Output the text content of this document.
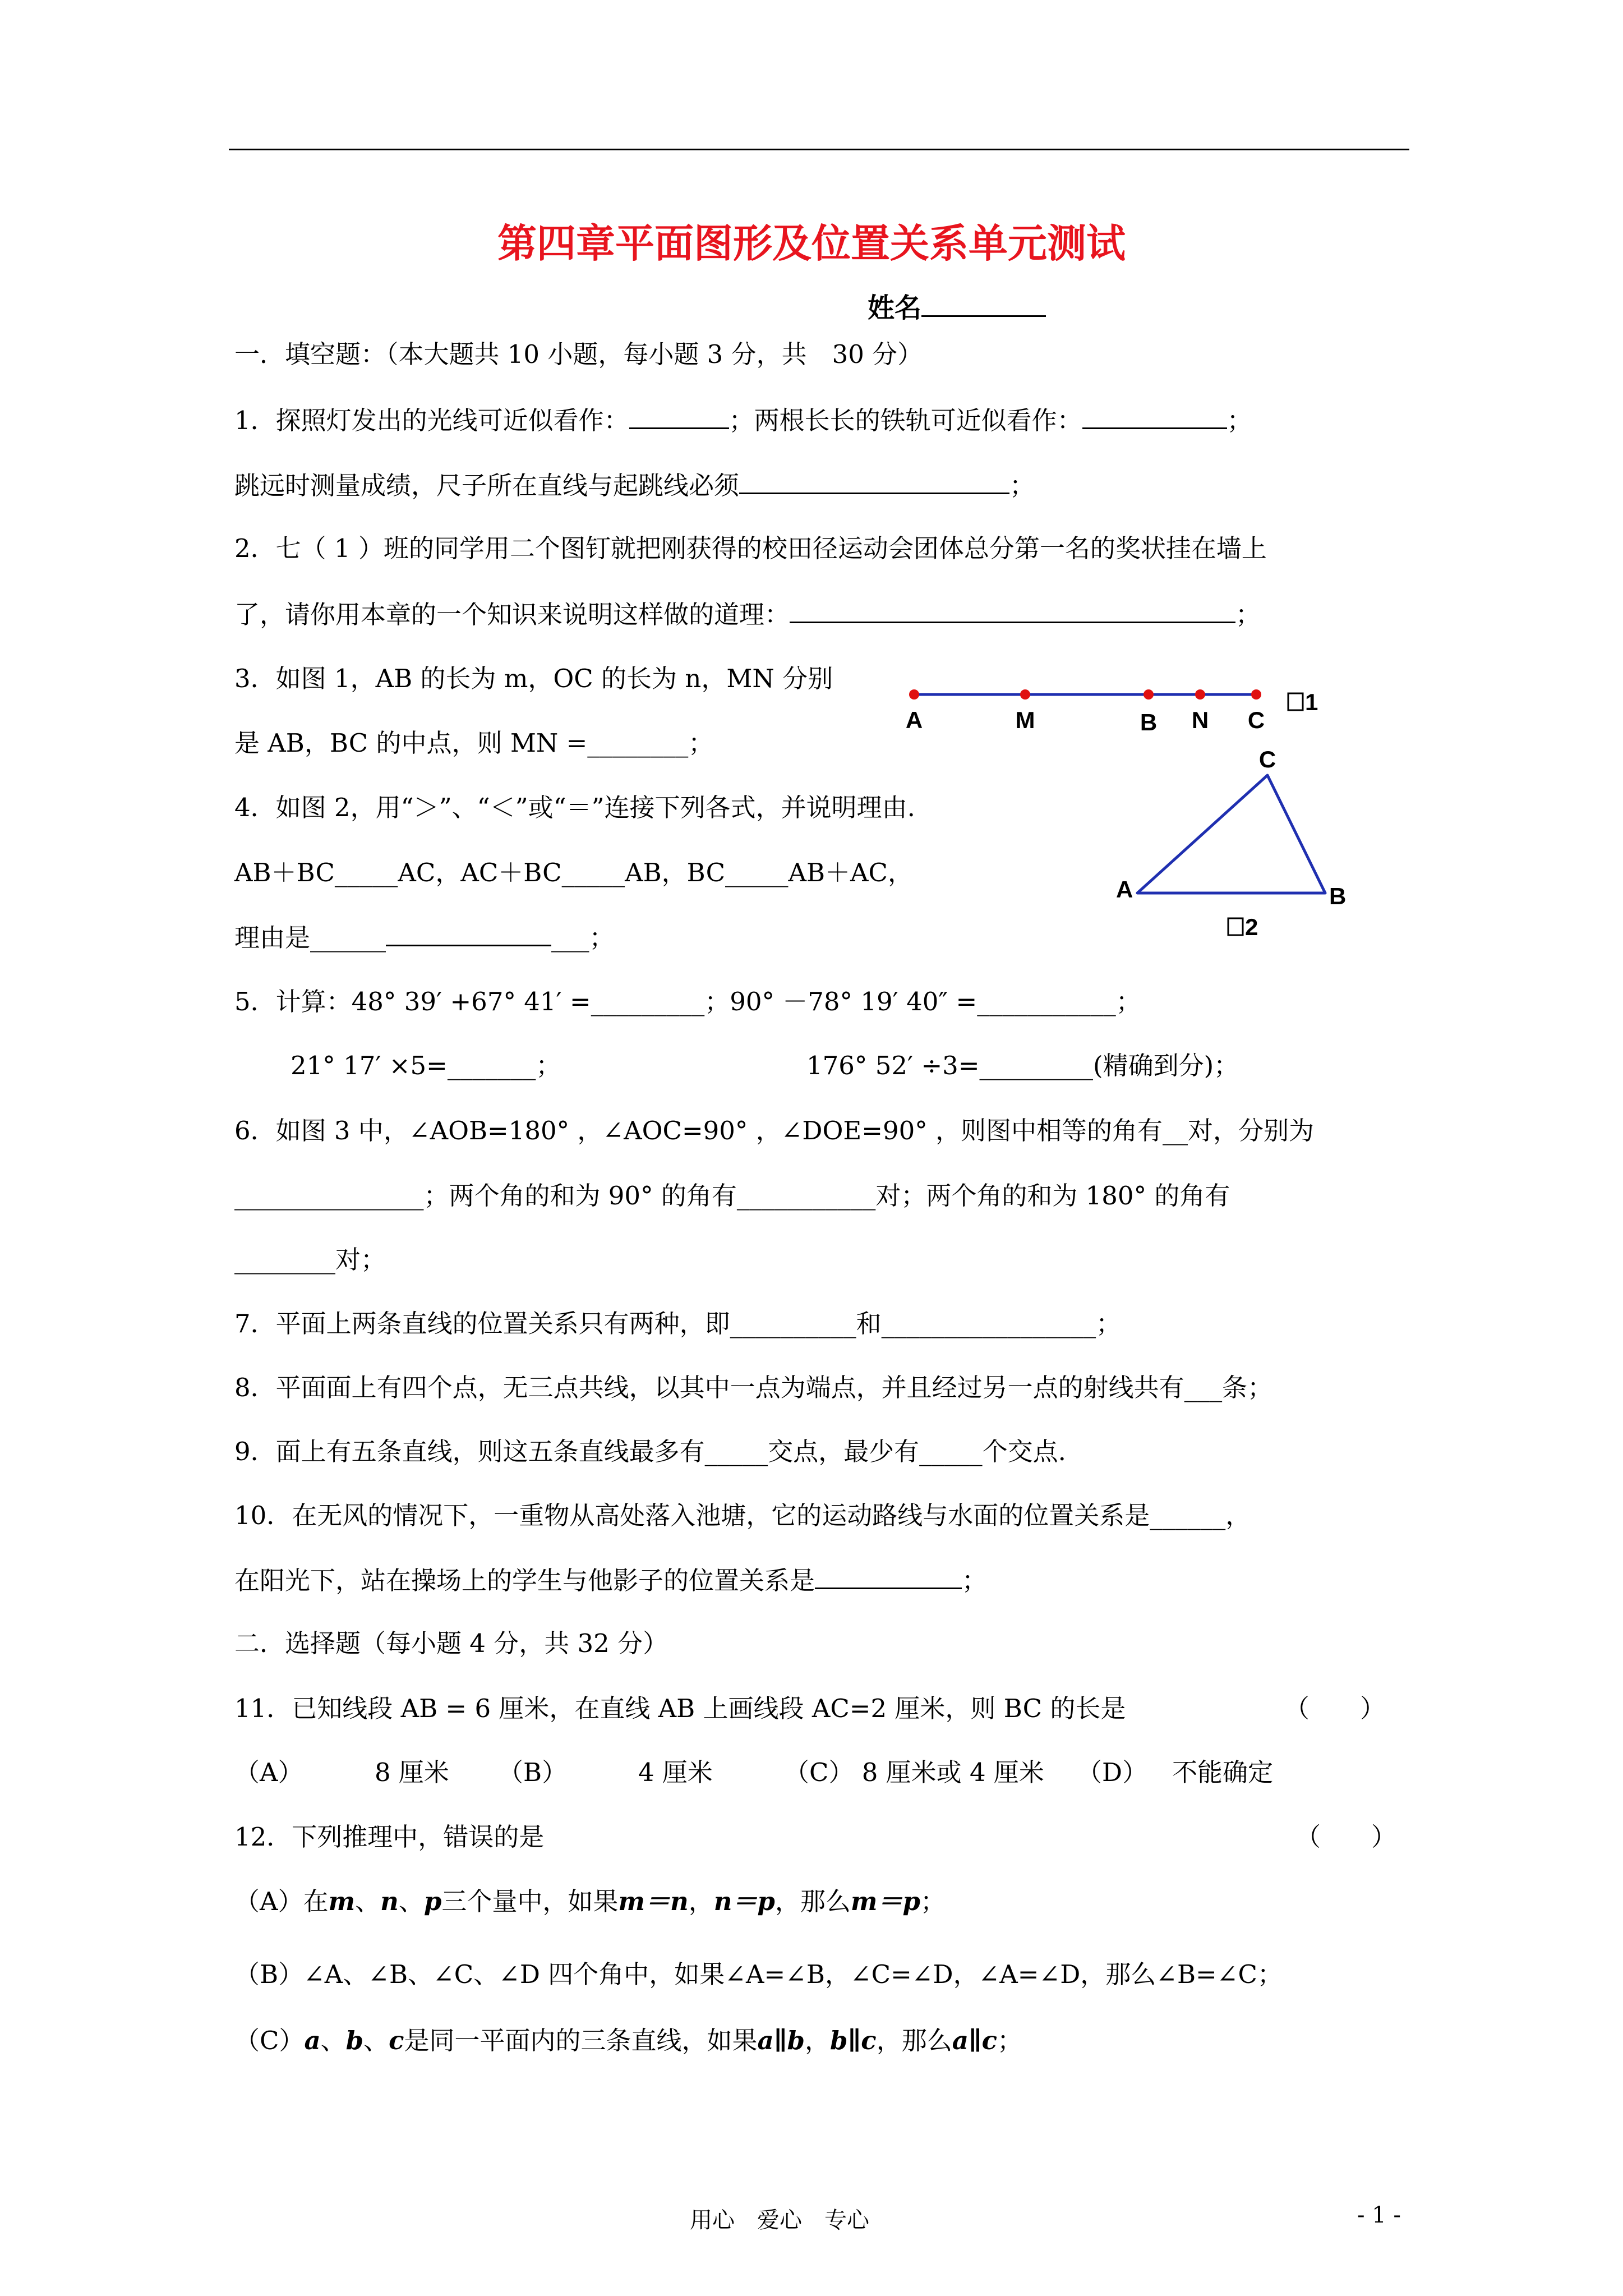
第四章平面图形及位置关系单元测试
姓名
一．填空题：（本大题共 10 小题，每小题 3 分，共　30 分）
1．探照灯发出的光线可近似看作：	；两根长长的铁轨可近似看作：	；
跳远时测量成绩，尺子所在直线与起跳线必须	；
2．七（ 1 ）班的同学用二个图钉就把刚获得的校田径运动会团体总分第一名的奖状挂在墙上
了，请你用本章的一个知识来说明这样做的道理：	；
3．如图 1，AB 的长为 m，OC 的长为 n，MN 分别
是 AB，BC 的中点，则 MN =________；
A	M	B N C
1
4．如图 2，用“＞”、“＜”或“＝”连接下列各式，并说明理由.
AB＋BC_____AC，AC＋BC_____AB，BC_____AB＋AC，
理由是______	___；
C
A	B
2
5．计算：48° 39′ +67° 41′ =_________；90° －78° 19′ 40″ =___________；
21° 17′ ×5=_______；	176° 52′ ÷3=_________(精确到分)；
6．如图 3 中，∠AOB=180° ，∠AOC=90° ，∠DOE=90° ，则图中相等的角有__对，分别为
_______________；两个角的和为 90° 的角有___________对；两个角的和为 180° 的角有
________对；
7．平面上两条直线的位置关系只有两种，即__________和_________________；
8．平面面上有四个点，无三点共线，以其中一点为端点，并且经过另一点的射线共有___条；
9．面上有五条直线，则这五条直线最多有_____交点，最少有_____个交点.
10．在无风的情况下，一重物从高处落入池塘，它的运动路线与水面的位置关系是______，
在阳光下，站在操场上的学生与他影子的位置关系是	；
二．选择题（每小题 4 分，共 32 分）
11．已知线段 AB = 6 厘米，在直线 AB 上画线段 AC=2 厘米，则 BC 的长是	（　　）
（A）	8 厘米 （B）	4 厘米	（C） 8 厘米或 4 厘米 （D） 不能确定
12．下列推理中，错误的是	（　　）
（A）在m、n、p三个量中，如果m＝n，n＝p，那么m＝p；
（B）∠A、∠B、∠C、∠D 四个角中，如果∠A=∠B，∠C=∠D，∠A=∠D，那么∠B=∠C；
（C）a、b、c是同一平面内的三条直线，如果a∥b，b∥c，那么a∥c；
用心　爱心　专心	- 1 -
